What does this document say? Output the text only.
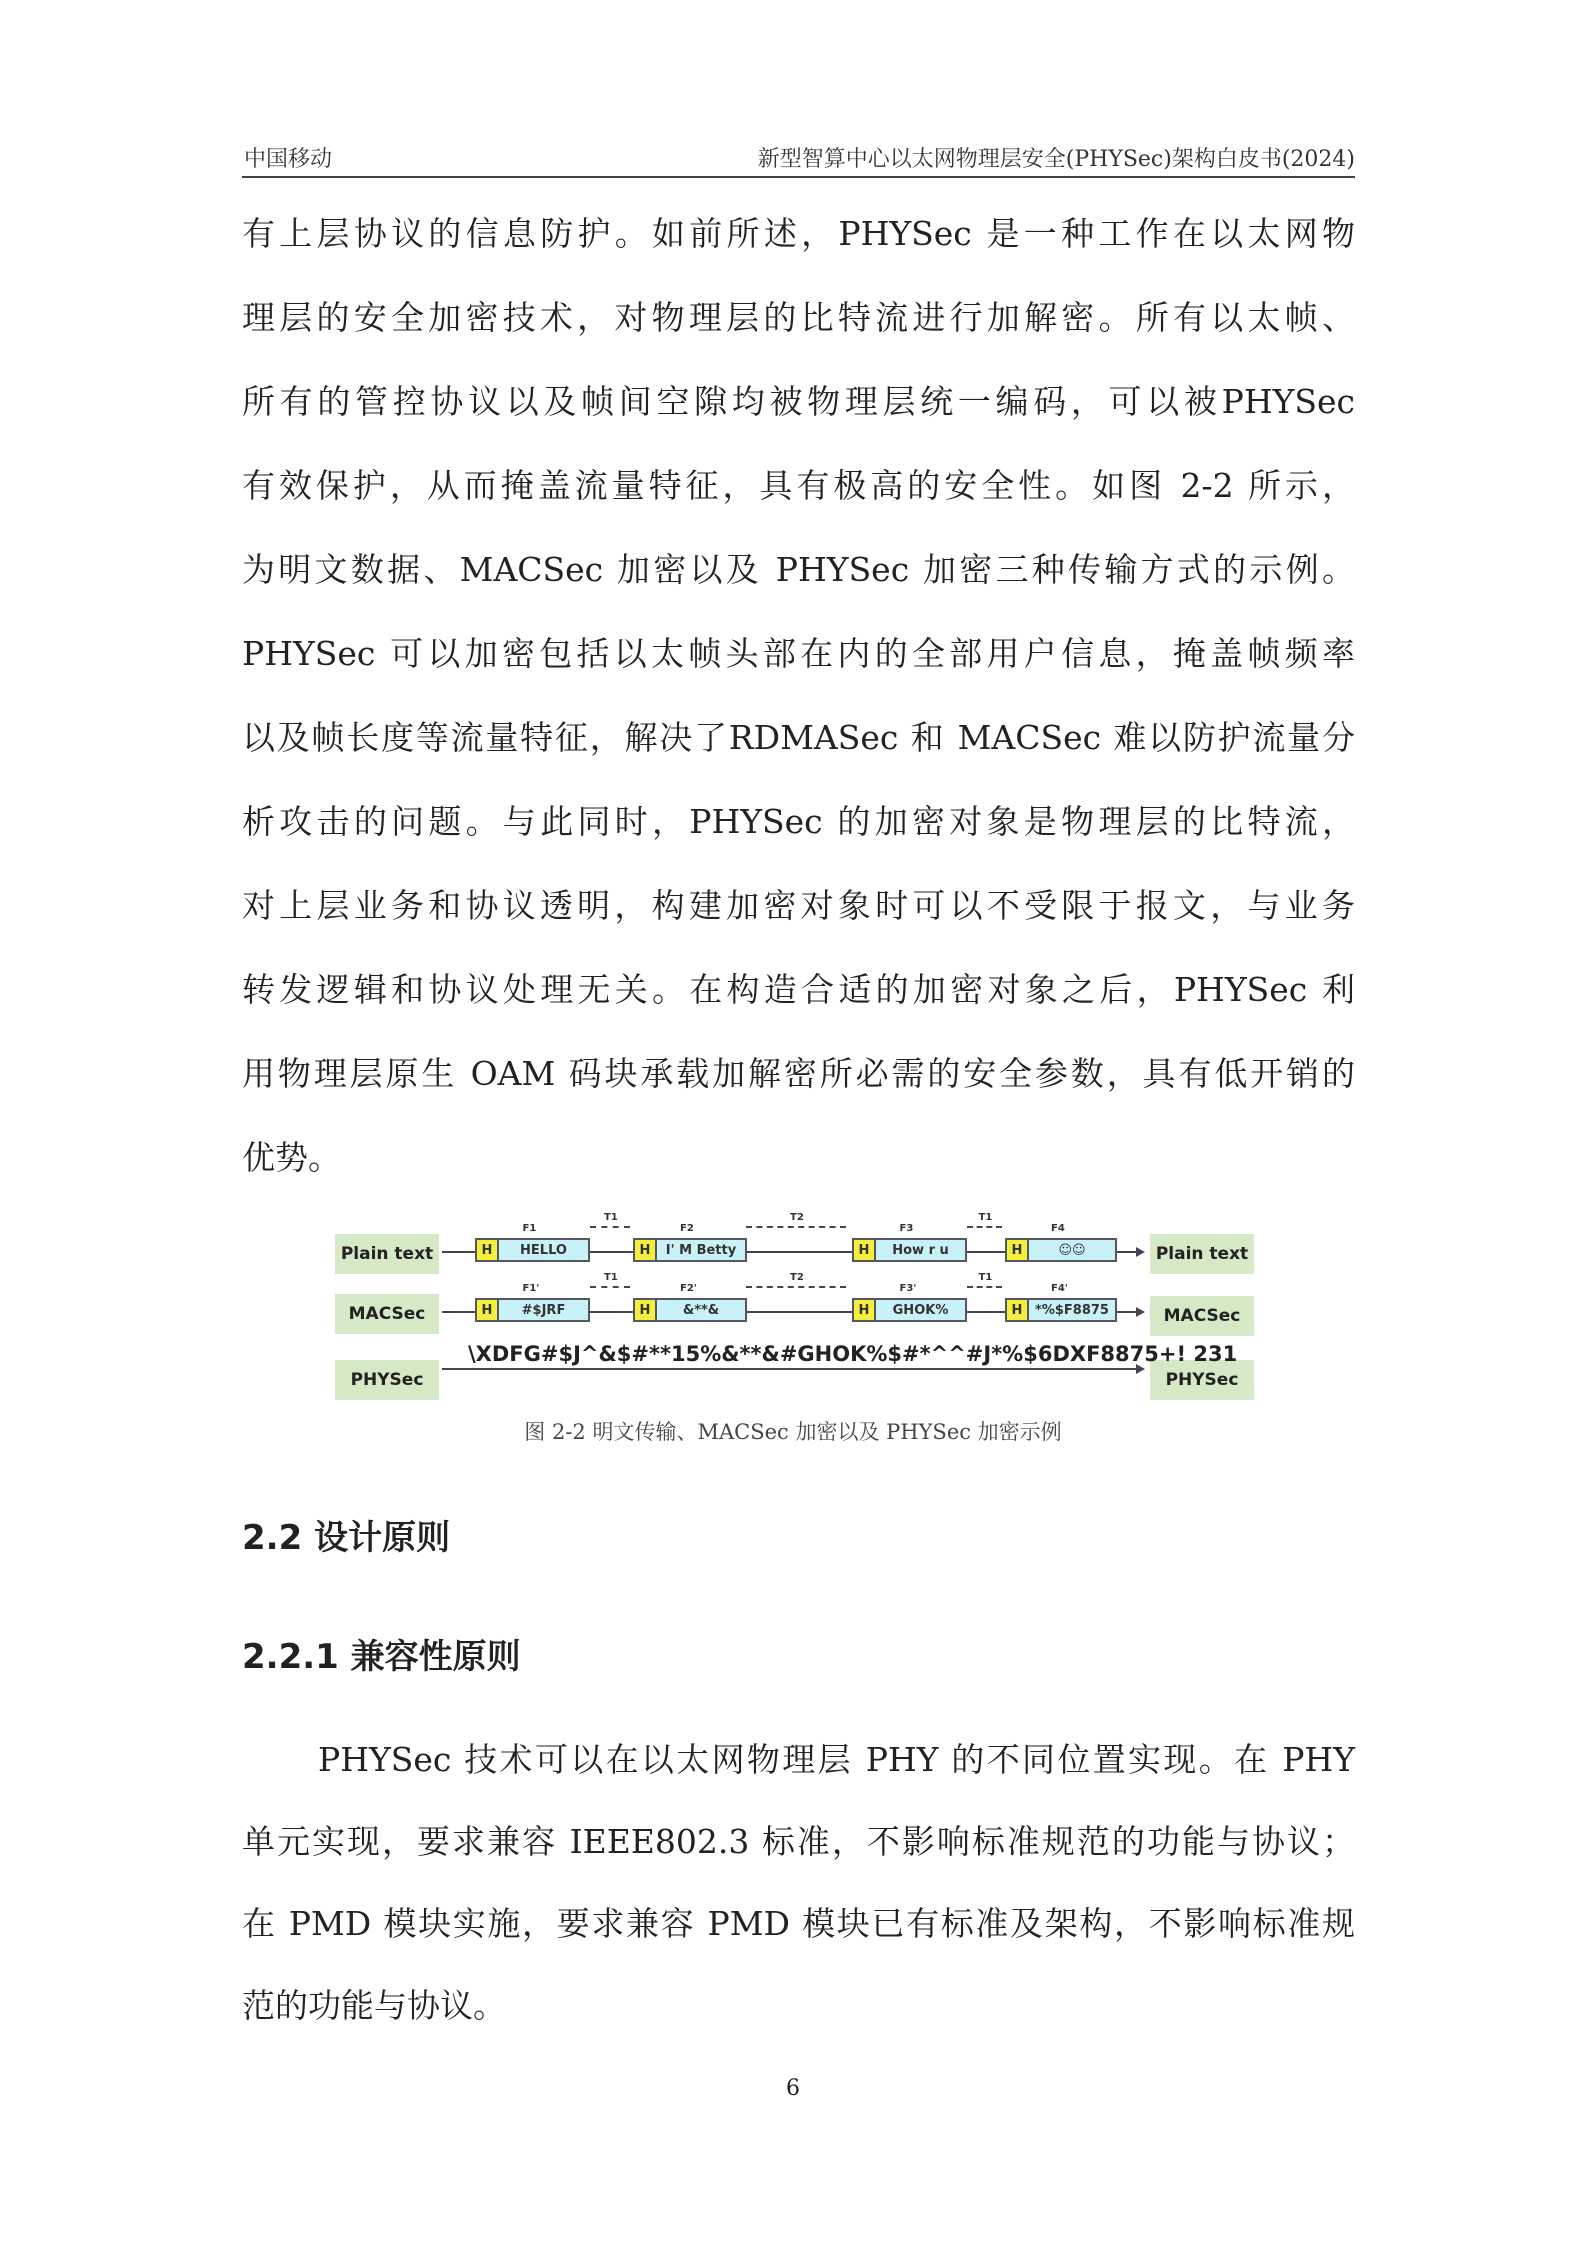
中国移动	新型智算中心以太网物理层安全(PHYSec)架构白皮书(2024)
有上层协议的信息防护。如前所述，PHYSec 是一种工作在以太网物
理层的安全加密技术，对物理层的比特流进行加解密。所有以太帧、
所有的管控协议以及帧间空隙均被物理层统一编码，可以被PHYSec
有效保护，从而掩盖流量特征，具有极高的安全性。如图 2-2 所示，
为明文数据、MACSec 加密以及 PHYSec 加密三种传输方式的示例。
PHYSec 可以加密包括以太帧头部在内的全部用户信息，掩盖帧频率
以及帧长度等流量特征，解决了RDMASec 和 MACSec 难以防护流量分
析攻击的问题。与此同时，PHYSec 的加密对象是物理层的比特流，
对上层业务和协议透明，构建加密对象时可以不受限于报文，与业务
转发逻辑和协议处理无关。在构造合适的加密对象之后，PHYSec 利
用物理层原生 OAM 码块承载加解密所必需的安全参数，具有低开销的
优势。
Plain text
MACSec
PHYSec
Plain text
MACSec
PHYSec
\XDFG#$J^&$#**15%&**&#GHOK%$#*^^#J*%$6DXF8875+! 231
H	HELLO
F1
H	I' M Betty
F2
H	How r u
F3
H	☺☺
F4
T1	T2	T1
H	#$JRF
F1'
H	&**&
F2'
H	GHOK%
F3'
H *%$F8875
F4'
T1	T2	T1
图 2-2 明文传输、MACSec 加密以及 PHYSec 加密示例
2.2 设计原则
2.2.1 兼容性原则
PHYSec 技术可以在以太网物理层 PHY 的不同位置实现。在 PHY
单元实现，要求兼容 IEEE802.3 标准，不影响标准规范的功能与协议；
在 PMD 模块实施，要求兼容 PMD 模块已有标准及架构，不影响标准规
范的功能与协议。
6
